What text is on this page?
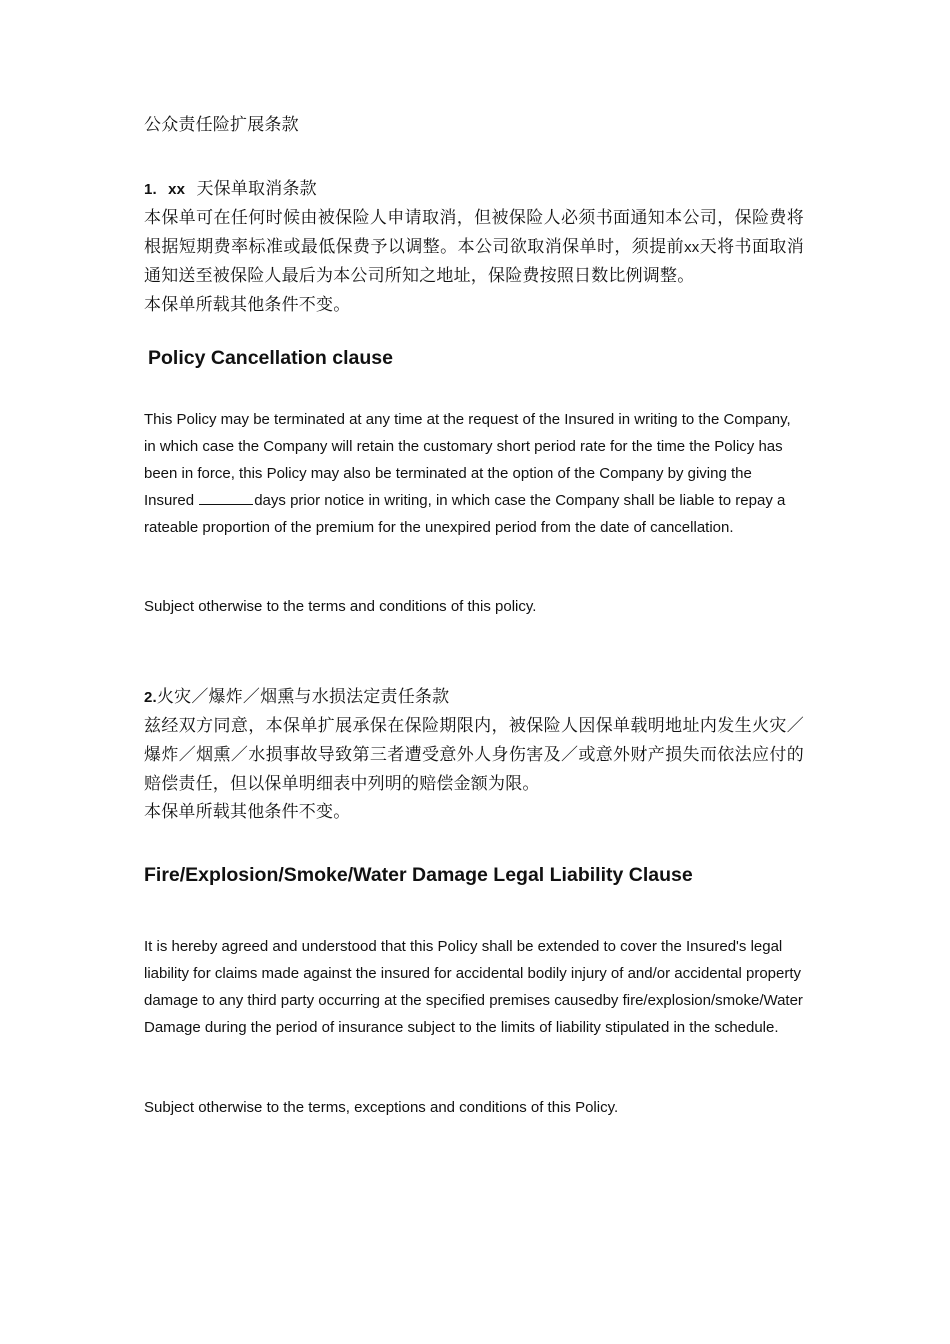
公众责任险扩展条款

1. xx 天保单取消条款

本保单可在任何时候由被保险人申请取消，但被保险人必须书面通知本公司，保险费将根据短期费率标准或最低保费予以调整。本公司欲取消保单时，须提前xx天将书面取消通知送至被保险人最后为本公司所知之地址，保险费按照日数比例调整。

本保单所载其他条件不变。

Policy Cancellation clause

This Policy may be terminated at any time at the request of the Insured in writing to the Company, in which case the Company will retain the customary short period rate for the time the Policy has been in force, this Policy may also be terminated at the option of the Company by giving the Insured	days prior notice in writing, in which case the Company shall be liable to repay a rateable proportion of the premium for the unexpired period from the date of cancellation.

Subject otherwise to the terms and conditions of this policy.

2.火灾／爆炸／烟熏与水损法定责任条款

兹经双方同意，本保单扩展承保在保险期限内，被保险人因保单载明地址内发生火灾／爆炸／烟熏／水损事故导致第三者遭受意外人身伤害及／或意外财产损失而依法应付的赔偿责任，但以保单明细表中列明的赔偿金额为限。

本保单所载其他条件不变。

Fire/Explosion/Smoke/Water Damage Legal Liability Clause

It is hereby agreed and understood that this Policy shall be extended to cover the Insured's legal liability for claims made against the insured for accidental bodily injury of and/or accidental property damage to any third party occurring at the specified premises causedby fire/explosion/smoke/Water Damage during the period of insurance subject to the limits of liability stipulated in the schedule.

Subject otherwise to the terms, exceptions and conditions of this Policy.
